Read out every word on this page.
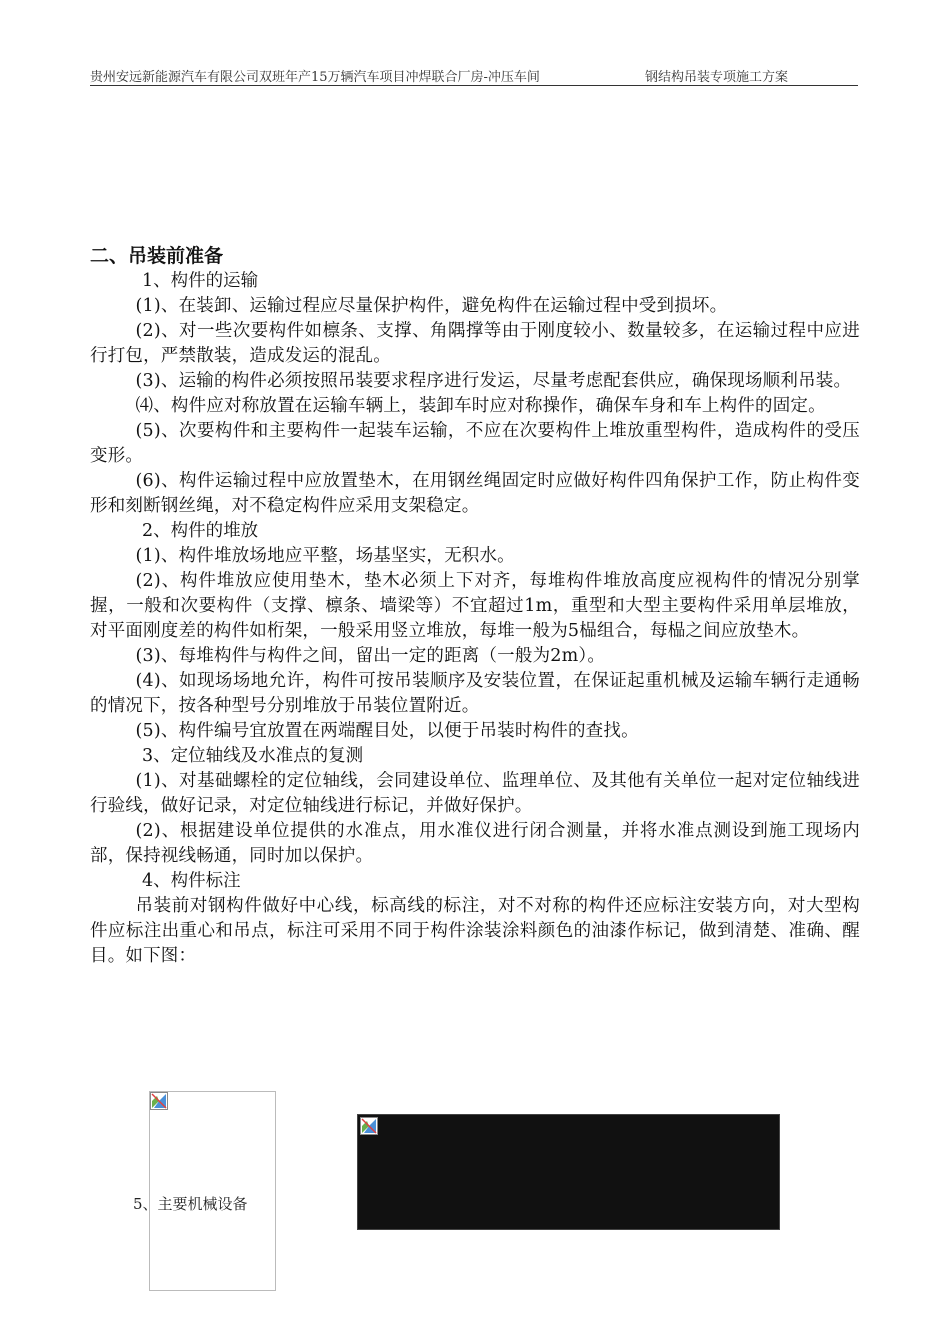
贵州安远新能源汽车有限公司双班年产15万辆汽车项目冲焊联合厂房-冲压车间	钢结构吊装专项施工方案

二、吊装前准备

1、构件的运输

(1)、在装卸、运输过程应尽量保护构件，避免构件在运输过程中受到损坏。

(2)、对一些次要构件如檩条、支撑、角隅撑等由于刚度较小、数量较多，在运输过程中应进行打包，严禁散装，造成发运的混乱。

(3)、运输的构件必须按照吊装要求程序进行发运，尽量考虑配套供应，确保现场顺利吊装。

⑷、构件应对称放置在运输车辆上，装卸车时应对称操作，确保车身和车上构件的固定。

(5)、次要构件和主要构件一起装车运输，不应在次要构件上堆放重型构件，造成构件的受压变形。

(6)、构件运输过程中应放置垫木，在用钢丝绳固定时应做好构件四角保护工作，防止构件变形和刻断钢丝绳，对不稳定构件应采用支架稳定。

2、构件的堆放

(1)、构件堆放场地应平整，场基坚实，无积水。

(2)、构件堆放应使用垫木，垫木必须上下对齐，每堆构件堆放高度应视构件的情况分别掌握，一般和次要构件（支撑、檩条、墙梁等）不宜超过1m，重型和大型主要构件采用单层堆放，对平面刚度差的构件如桁架，一般采用竖立堆放，每堆一般为5榀组合，每榀之间应放垫木。

(3)、每堆构件与构件之间，留出一定的距离（一般为2m）。

(4)、如现场场地允许，构件可按吊装顺序及安装位置，在保证起重机械及运输车辆行走通畅的情况下，按各种型号分别堆放于吊装位置附近。

(5)、构件编号宜放置在两端醒目处，以便于吊装时构件的查找。

3、定位轴线及水准点的复测

(1)、对基础螺栓的定位轴线，会同建设单位、监理单位、及其他有关单位一起对定位轴线进行验线，做好记录，对定位轴线进行标记，并做好保护。

(2)、根据建设单位提供的水准点，用水准仪进行闭合测量，并将水准点测设到施工现场内部，保持视线畅通，同时加以保护。

4、构件标注

吊装前对钢构件做好中心线，标高线的标注，对不对称的构件还应标注安装方向，对大型构件应标注出重心和吊点，标注可采用不同于构件涂装涂料颜色的油漆作标记，做到清楚、准确、醒目。如下图：

5、主要机械设备
